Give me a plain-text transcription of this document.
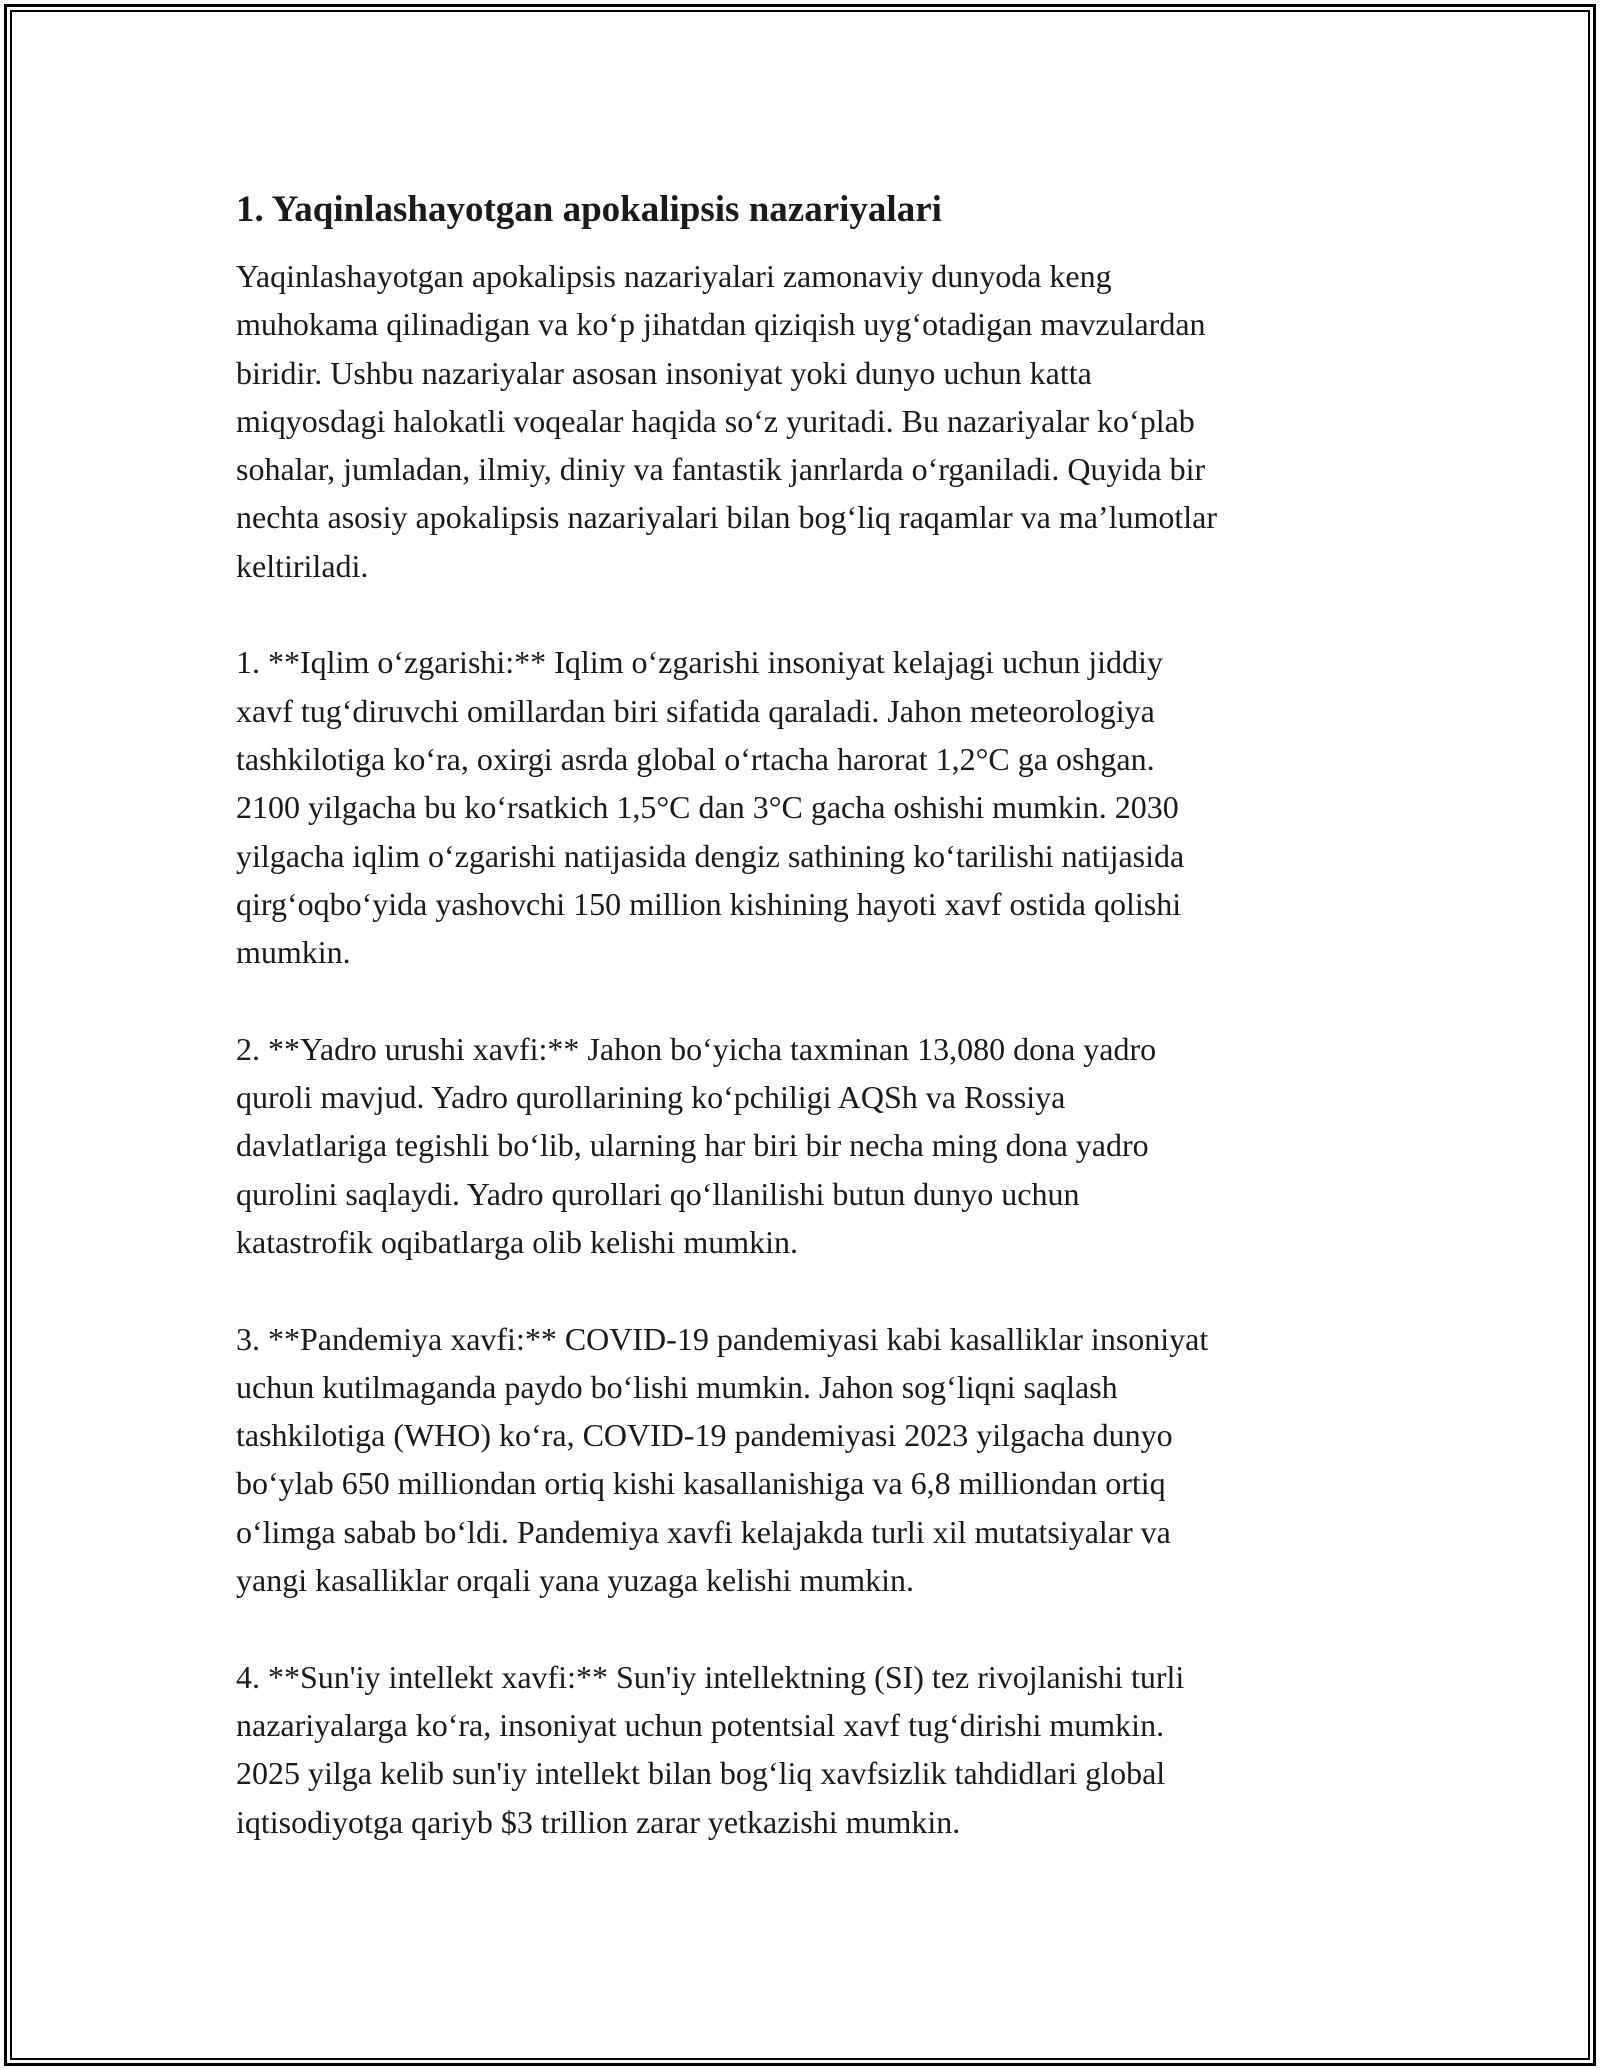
1. Yaqinlashayotgan apokalipsis nazariyalari
Yaqinlashayotgan apokalipsis nazariyalari zamonaviy dunyoda keng
muhokama qilinadigan va koʻp jihatdan qiziqish uygʻotadigan mavzulardan
biridir. Ushbu nazariyalar asosan insoniyat yoki dunyo uchun katta
miqyosdagi halokatli voqealar haqida soʻz yuritadi. Bu nazariyalar koʻplab
sohalar, jumladan, ilmiy, diniy va fantastik janrlarda oʻrganiladi. Quyida bir
nechta asosiy apokalipsis nazariyalari bilan bogʻliq raqamlar va maʼlumotlar
keltiriladi.
1. **Iqlim oʻzgarishi:** Iqlim oʻzgarishi insoniyat kelajagi uchun jiddiy
xavf tugʻdiruvchi omillardan biri sifatida qaraladi. Jahon meteorologiya
tashkilotiga koʻra, oxirgi asrda global oʻrtacha harorat 1,2°C ga oshgan.
2100 yilgacha bu koʻrsatkich 1,5°C dan 3°C gacha oshishi mumkin. 2030
yilgacha iqlim oʻzgarishi natijasida dengiz sathining koʻtarilishi natijasida
qirgʻoqboʻyida yashovchi 150 million kishining hayoti xavf ostida qolishi
mumkin.
2. **Yadro urushi xavfi:** Jahon boʻyicha taxminan 13,080 dona yadro
quroli mavjud. Yadro qurollarining koʻpchiligi AQSh va Rossiya
davlatlariga tegishli boʻlib, ularning har biri bir necha ming dona yadro
qurolini saqlaydi. Yadro qurollari qoʻllanilishi butun dunyo uchun
katastrofik oqibatlarga olib kelishi mumkin.
3. **Pandemiya xavfi:** COVID-19 pandemiyasi kabi kasalliklar insoniyat
uchun kutilmaganda paydo boʻlishi mumkin. Jahon sogʻliqni saqlash
tashkilotiga (WHO) koʻra, COVID-19 pandemiyasi 2023 yilgacha dunyo
boʻylab 650 milliondan ortiq kishi kasallanishiga va 6,8 milliondan ortiq
oʻlimga sabab boʻldi. Pandemiya xavfi kelajakda turli xil mutatsiyalar va
yangi kasalliklar orqali yana yuzaga kelishi mumkin.
4. **Sun'iy intellekt xavfi:** Sun'iy intellektning (SI) tez rivojlanishi turli
nazariyalarga koʻra, insoniyat uchun potentsial xavf tugʻdirishi mumkin.
2025 yilga kelib sun'iy intellekt bilan bogʻliq xavfsizlik tahdidlari global
iqtisodiyotga qariyb $3 trillion zarar yetkazishi mumkin.
